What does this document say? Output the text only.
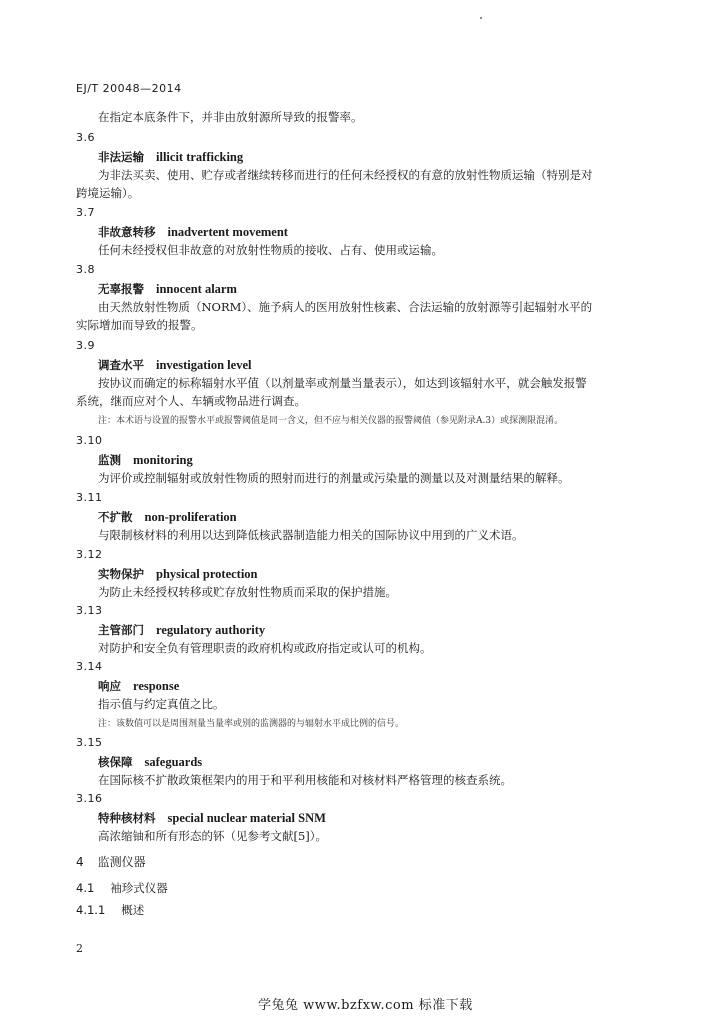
EJ/T 20048—2014
在指定本底条件下，并非由放射源所导致的报警率。
3.6
非法运输 illicit trafficking
为非法买卖、使用、贮存或者继续转移而进行的任何未经授权的有意的放射性物质运输（特别是对
跨境运输）。
3.7
非故意转移 inadvertent movement
任何未经授权但非故意的对放射性物质的接收、占有、使用或运输。
3.8
无辜报警 innocent alarm
由天然放射性物质（NORM）、施予病人的医用放射性核素、合法运输的放射源等引起辐射水平的
实际增加而导致的报警。
3.9
调查水平 investigation level
按协议而确定的标称辐射水平值（以剂量率或剂量当量表示），如达到该辐射水平，就会触发报警
系统，继而应对个人、车辆或物品进行调查。
注：本术语与设置的报警水平或报警阈值是同一含义，但不应与相关仪器的报警阈值（参见附录A.3）或探测限混淆。
3.10
监测 monitoring
为评价或控制辐射或放射性物质的照射而进行的剂量或污染量的测量以及对测量结果的解释。
3.11
不扩散 non-proliferation
与限制核材料的利用以达到降低核武器制造能力相关的国际协议中用到的广义术语。
3.12
实物保护 physical protection
为防止未经授权转移或贮存放射性物质而采取的保护措施。
3.13
主管部门 regulatory authority
对防护和安全负有管理职责的政府机构或政府指定或认可的机构。
3.14
响应 response
指示值与约定真值之比。
注：该数值可以是周围剂量当量率或别的监测器的与辐射水平成比例的信号。
3.15
核保障 safeguards
在国际核不扩散政策框架内的用于和平利用核能和对核材料严格管理的核查系统。
3.16
特种核材料 special nuclear material SNM
高浓缩铀和所有形态的钚（见参考文献[5]）。
4 监测仪器
4.1 袖珍式仪器
4.1.1 概述
2
学兔兔 www.bzfxw.com 标准下载
